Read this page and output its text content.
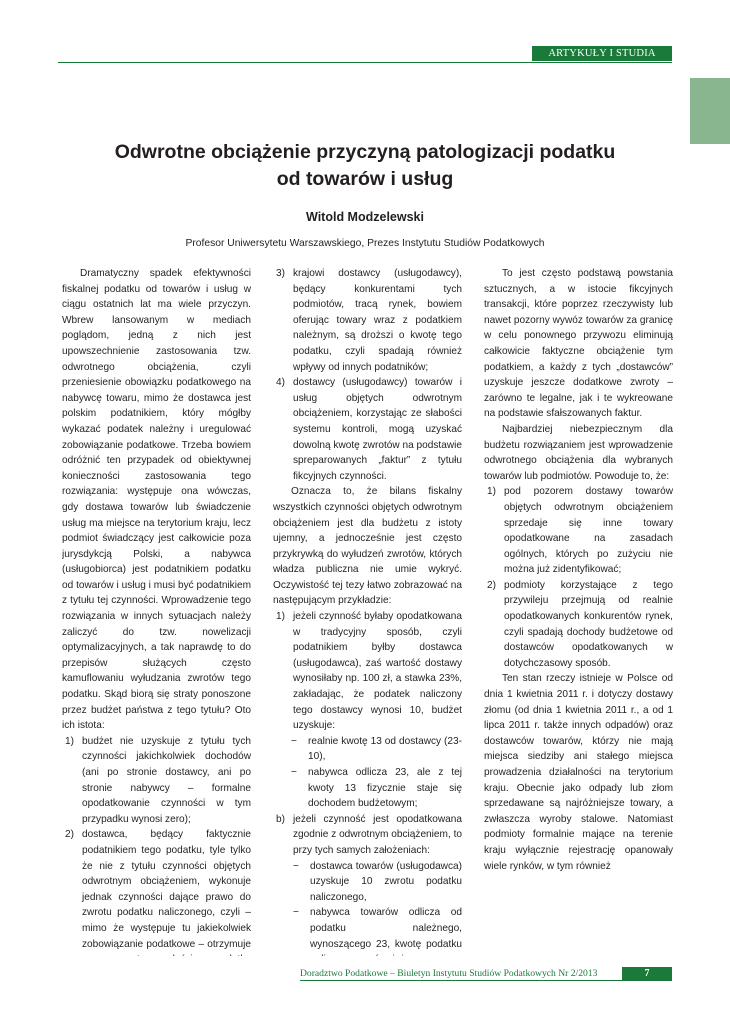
ARTYKUŁY I STUDIA
Odwrotne obciążenie przyczyną patologizacji podatku
od towarów i usług
Witold Modzelewski
Profesor Uniwersytetu Warszawskiego, Prezes Instytutu Studiów Podatkowych

Dramatyczny spadek efektywności fiskalnej podatku od towarów i usług w ciągu ostatnich lat ma wiele przyczyn. Wbrew lansowanym w mediach poglądom, jedną z nich jest upowszechnienie zastosowania tzw. odwrotnego obciążenia, czyli przeniesienie obowiązku podatkowego na nabywcę towaru, mimo że dostawca jest polskim podatnikiem, który mógłby wykazać podatek należny i uregulować zobowiązanie podatkowe. Trzeba bowiem odróżnić ten przypadek od obiektywnej konieczności zastosowania tego rozwiązania: występuje ona wówczas, gdy dostawa towarów lub świadczenie usług ma miejsce na terytorium kraju, lecz podmiot świadczący jest całkowicie poza jurysdykcją Polski, a nabywca (usługobiorca) jest podatnikiem podatku od towarów i usług i musi być podatnikiem z tytułu tej czynności. Wprowadzenie tego rozwiązania w innych sytuacjach należy zaliczyć do tzw. nowelizacji optymalizacyjnych, a tak naprawdę to do przepisów służących często kamuflowaniu wyłudzania zwrotów tego podatku. Skąd biorą się straty ponoszone przez budżet państwa z tego tytułu? Oto ich istota:

1) budżet nie uzyskuje z tytułu tych czynności jakichkolwiek dochodów (ani po stronie dostawcy, ani po stronie nabywcy – formalne opodatkowanie czynności w tym przypadku wynosi zero);

2) dostawca, będący faktycznie podatnikiem tego podatku, tyle tylko że nie z tytułu czynności objętych odwrotnym obciążeniem, wykonuje jednak czynności dające prawo do zwrotu podatku naliczonego, czyli – mimo że występuje tu jakiekolwiek zobowiązanie podatkowe – otrzymuje

3) krajowi dostawcy (usługodawcy), będący konkurentami tych podmiotów, tracą rynek, bowiem oferując towary wraz z podatkiem należnym, są droższi o kwotę tego podatku, czyli spadają również wpływy od innych podatników;

4) dostawcy (usługodawcy) towarów i usług objętych odwrotnym obciążeniem, korzystając ze słabości systemu kontroli, mogą uzyskać dowolną kwotę zwrotów na podstawie spreparowanych „faktur” z tytułu fikcyjnych czynności.

Oznacza to, że bilans fiskalny wszystkich czynności objętych odwrotnym obciążeniem jest dla budżetu z istoty ujemny, a jednocześnie jest często przykrywką do wyłudzeń zwrotów, których władza publiczna nie umie wykryć. Oczywistość tej tezy łatwo zobrazować na następującym przykładzie:

1) jeżeli czynność byłaby opodatkowana w tradycyjny sposób, czyli podatnikiem byłby dostawca (usługodawca), zaś wartość dostawy wynosiłaby np. 100 zł, a stawka 23%, zakładając, że podatek naliczony tego dostawcy wynosi 10, budżet uzyskuje:

− realnie kwotę 13 od dostawcy (23-10),

− nabywca odlicza 23, ale z tej kwoty 13 fizycznie staje się dochodem budżetowym;

b) jeżeli czynność jest opodatkowana zgodnie z odwrotnym obciążeniem, to przy tych samych założeniach:

− dostawca towarów (usługodawca) uzyskuje 10 zwrotu podatku naliczonego,

− nabywca towarów odlicza od podatku należnego, wynoszącego 23, kwotę podatku

To jest często podstawą powstania sztucznych, a w istocie fikcyjnych transakcji, które poprzez rzeczywisty lub nawet pozorny wywóz towarów za granicę w celu ponownego przywozu eliminują całkowicie faktyczne obciążenie tym podatkiem, a każdy z tych „dostawców” uzyskuje jeszcze dodatkowe zwroty – zarówno te legalne, jak i te wykreowane na podstawie sfałszowanych faktur.

Najbardziej niebezpiecznym dla budżetu rozwiązaniem jest wprowadzenie odwrotnego obciążenia dla wybranych towarów lub podmiotów. Powodujе to, że:

1) pod pozorem dostawy towarów objętych odwrotnym obciążeniem sprzedaje się inne towary opodatkowane na zasadach ogólnych, których po zużyciu nie można już zidentyfikować;

2) podmioty korzystające z tego przywileju przejmują od realnie opodatkowanych konkurentów rynek, czyli spadają dochody budżetowe od dostawców opodatkowanych w dotychczasowy sposób.

Ten stan rzeczy istnieje w Polsce od dnia 1 kwietnia 2011 r. i dotyczy dostawy złomu (od dnia 1 kwietnia 2011 r., a od 1 lipca 2011 r. także innych odpadów) oraz dostawców towarów, którzy nie mają miejsca siedziby ani stałego miejsca prowadzenia działalności na terytorium kraju. Obecnie jako odpady lub złom sprzedawane są najróżniejsze towary, a zwłaszcza wyroby stalowe. Natomiast podmioty formalnie mające na terenie kraju wyłącznie rejestrację opanowały wiele rynków, w tym również

Doradztwo Podatkowe – Biuletyn Instytutu Studiów Podatkowych Nr 2/2013	7
